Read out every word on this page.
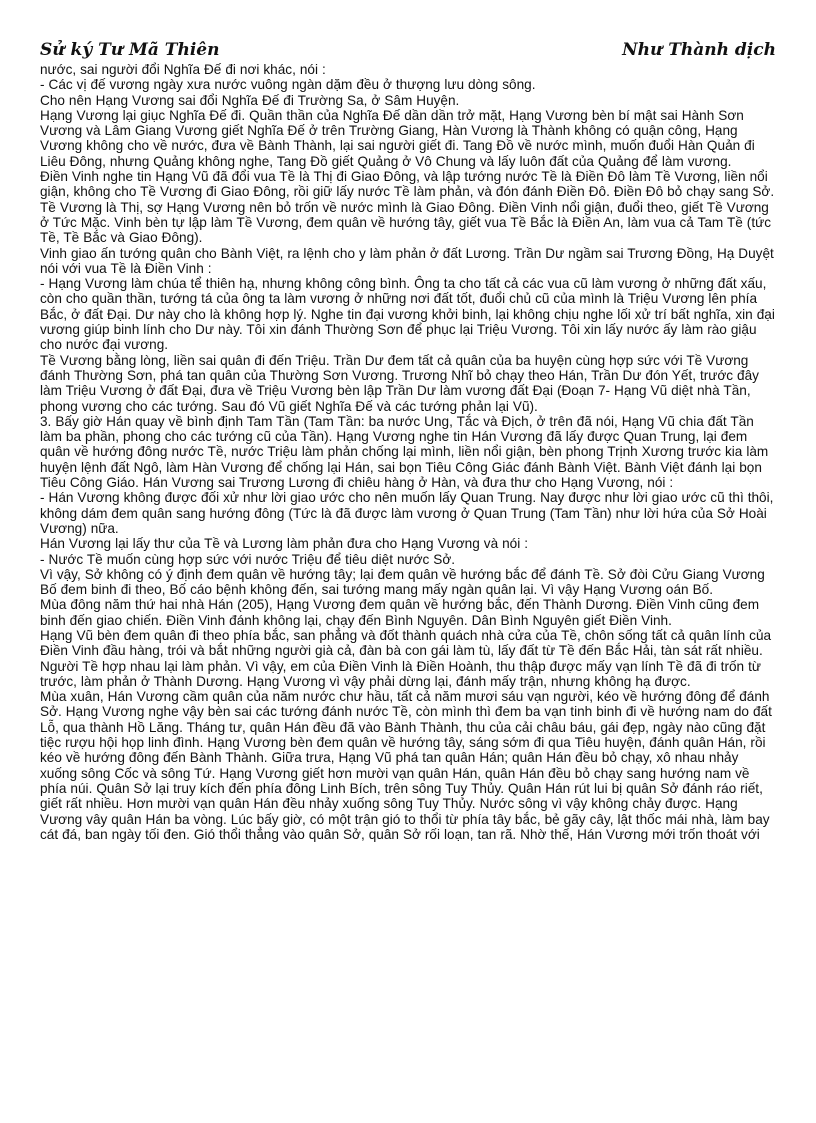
Sử ký Tư Mã Thiên	Như Thành dịch

nước, sai người đổi Nghĩa Đế đi nơi khác, nói :

- Các vị đế vương ngày xưa nước vuông ngàn dặm đều ở thượng lưu dòng sông.

Cho nên Hạng Vương sai đổi Nghĩa Đế đi Trường Sa, ở Sâm Huyện.

Hạng Vương lại giục Nghĩa Đế đi. Quần thần của Nghĩa Đế dần dần trở mặt, Hạng Vương bèn bí mật sai Hành Sơn Vương và Lâm Giang Vương giết Nghĩa Đế ở trên Trường Giang, Hàn Vương là Thành không có quận công, Hạng Vương không cho về nước, đưa về Bành Thành, lại sai người giết đi. Tang Đồ về nước mình, muốn đuổi Hàn Quản đi Liêu Đông, nhưng Quảng không nghe, Tang Đồ giết Quảng ở Vô Chung và lấy luôn đất của Quảng để làm vương.

Điền Vinh nghe tin Hạng Vũ đã đổi vua Tề là Thị đi Giao Đông, và lập tướng nước Tề là Điền Đô làm Tề Vương, liền nổi giận, không cho Tề Vương đi Giao Đông, rồi giữ lấy nước Tề làm phản, và đón đánh Điền Đô. Điền Đô bỏ chạy sang Sở. Tề Vương là Thị, sợ Hạng Vương nên bỏ trốn về nước mình là Giao Đông. Điền Vinh nổi giận, đuổi theo, giết Tề Vương ở Tức Mặc. Vinh bèn tự lập làm Tề Vương, đem quân về hướng tây, giết vua Tề Bắc là Điền An, làm vua cả Tam Tề (tức Tề, Tề Bắc và Giao Đông).

Vinh giao ấn tướng quân cho Bành Việt, ra lệnh cho y làm phản ở đất Lương. Trần Dư ngầm sai Trương Đồng, Hạ Duyệt nói với vua Tề là Điền Vinh :

- Hạng Vương làm chúa tể thiên hạ, nhưng không công bình. Ông ta cho tất cả các vua cũ làm vương ở những đất xấu, còn cho quần thần, tướng tá của ông ta làm vương ở những nơi đất tốt, đuổi chủ cũ của mình là Triệu Vương lên phía Bắc, ở đất Đại. Dư này cho là không hợp lý. Nghe tin đại vương khởi binh, lại không chịu nghe lối xử trí bất nghĩa, xin đại vương giúp binh lính cho Dư này. Tôi xin đánh Thường Sơn để phục lại Triệu Vương. Tôi xin lấy nước ấy làm rào giậu cho nước đại vương.

Tề Vương bằng lòng, liền sai quân đi đến Triệu. Trần Dư đem tất cả quân của ba huyện cùng hợp sức với Tề Vương đánh Thường Sơn, phá tan quân của Thường Sơn Vương. Trương Nhĩ bỏ chạy theo Hán, Trần Dư đón Yết, trước đây làm Triệu Vương ở đất Đại, đưa về Triệu Vương bèn lập Trần Dư làm vương đất Đại (Đoạn 7- Hạng Vũ diệt nhà Tần, phong vương cho các tướng. Sau đó Vũ giết Nghĩa Đế và các tướng phản lại Vũ).

3. Bấy giờ Hán quay về bình định Tam Tần (Tam Tần: ba nước Ung, Tắc và Địch, ở trên đã nói, Hạng Vũ chia đất Tần làm ba phần, phong cho các tướng cũ của Tần). Hạng Vương nghe tin Hán Vương đã lấy được Quan Trung, lại đem quân về hướng đông nước Tề, nước Triệu làm phản chống lại mình, liền nổi giận, bèn phong Trịnh Xương trước kia làm huyện lệnh đất Ngô, làm Hàn Vương để chống lại Hán, sai bọn Tiêu Công Giác đánh Bành Việt. Bành Việt đánh lại bọn Tiêu Công Giáo. Hán Vương sai Trương Lương đi chiêu hàng ở Hàn, và đưa thư cho Hạng Vương, nói :

- Hán Vương không được đối xử như lời giao ước cho nên muốn lấy Quan Trung. Nay được như lời giao ước cũ thì thôi, không dám đem quân sang hướng đông (Tức là đã được làm vương ở Quan Trung (Tam Tần) như lời hứa của Sở Hoài Vương) nữa.

Hán Vương lại lấy thư của Tề và Lương làm phản đưa cho Hạng Vương và nói :

- Nước Tề muốn cùng hợp sức với nước Triệu để tiêu diệt nước Sở.

Vì vậy, Sở không có ý định đem quân về hướng tây; lại đem quân về hướng bắc để đánh Tề. Sở đòi Cửu Giang Vương Bố đem binh đi theo, Bố cáo bệnh không đến, sai tướng mang mấy ngàn quân lại. Vì vậy Hạng Vương oán Bố.

Mùa đông năm thứ hai nhà Hán (205), Hạng Vương đem quân về hướng bắc, đến Thành Dương. Điền Vinh cũng đem binh đến giao chiến. Điền Vinh đánh không lại, chạy đến Bình Nguyên. Dân Bình Nguyên giết Điền Vinh.

Hạng Vũ bèn đem quân đi theo phía bắc, san phẳng và đốt thành quách nhà cửa của Tề, chôn sống tất cả quân lính của Điền Vinh đầu hàng, trói và bắt những người già cả, đàn bà con gái làm tù, lấy đất từ Tề đến Bắc Hải, tàn sát rất nhiều. Người Tề hợp nhau lại làm phản. Vì vậy, em của Điền Vinh là Điền Hoành, thu thập được mấy vạn lính Tề đã đi trốn từ trước, làm phản ở Thành Dương. Hạng Vương vì vậy phải dừng lại, đánh mấy trận, nhưng không hạ được.

Mùa xuân, Hán Vương cầm quân của năm nước chư hầu, tất cả năm mươi sáu vạn người, kéo về hướng đông để đánh Sở. Hạng Vương nghe vậy bèn sai các tướng đánh nước Tề, còn mình thì đem ba vạn tinh binh đi về hướng nam do đất Lỗ, qua thành Hồ Lăng. Tháng tư, quân Hán đều đã vào Bành Thành, thu của cải châu báu, gái đẹp, ngày nào cũng đặt tiệc rượu hội họp linh đình. Hạng Vương bèn đem quân về hướng tây, sáng sớm đi qua Tiêu huyện, đánh quân Hán, rồi kéo về hướng đông đến Bành Thành. Giữa trưa, Hạng Vũ phá tan quân Hán; quân Hán đều bỏ chạy, xô nhau nhảy xuống sông Cốc và sông Tứ. Hạng Vương giết hơn mười vạn quân Hán, quân Hán đều bỏ chạy sang hướng nam về phía núi. Quân Sở lại truy kích đến phía đông Linh Bích, trên sông Tuy Thủy. Quân Hán rút lui bị quân Sở đánh ráo riết, giết rất nhiều. Hơn mười vạn quân Hán đều nhảy xuống sông Tuy Thủy. Nước sông vì vậy không chảy được. Hạng Vương vây quân Hán ba vòng. Lúc bấy giờ, có một trận gió to thổi từ phía tây bắc, bẻ gãy cây, lật thốc mái nhà, làm bay cát đá, ban ngày tối đen. Gió thổi thẳng vào quân Sở, quân Sở rối loạn, tan rã. Nhờ thế, Hán Vương mới trốn thoát với
